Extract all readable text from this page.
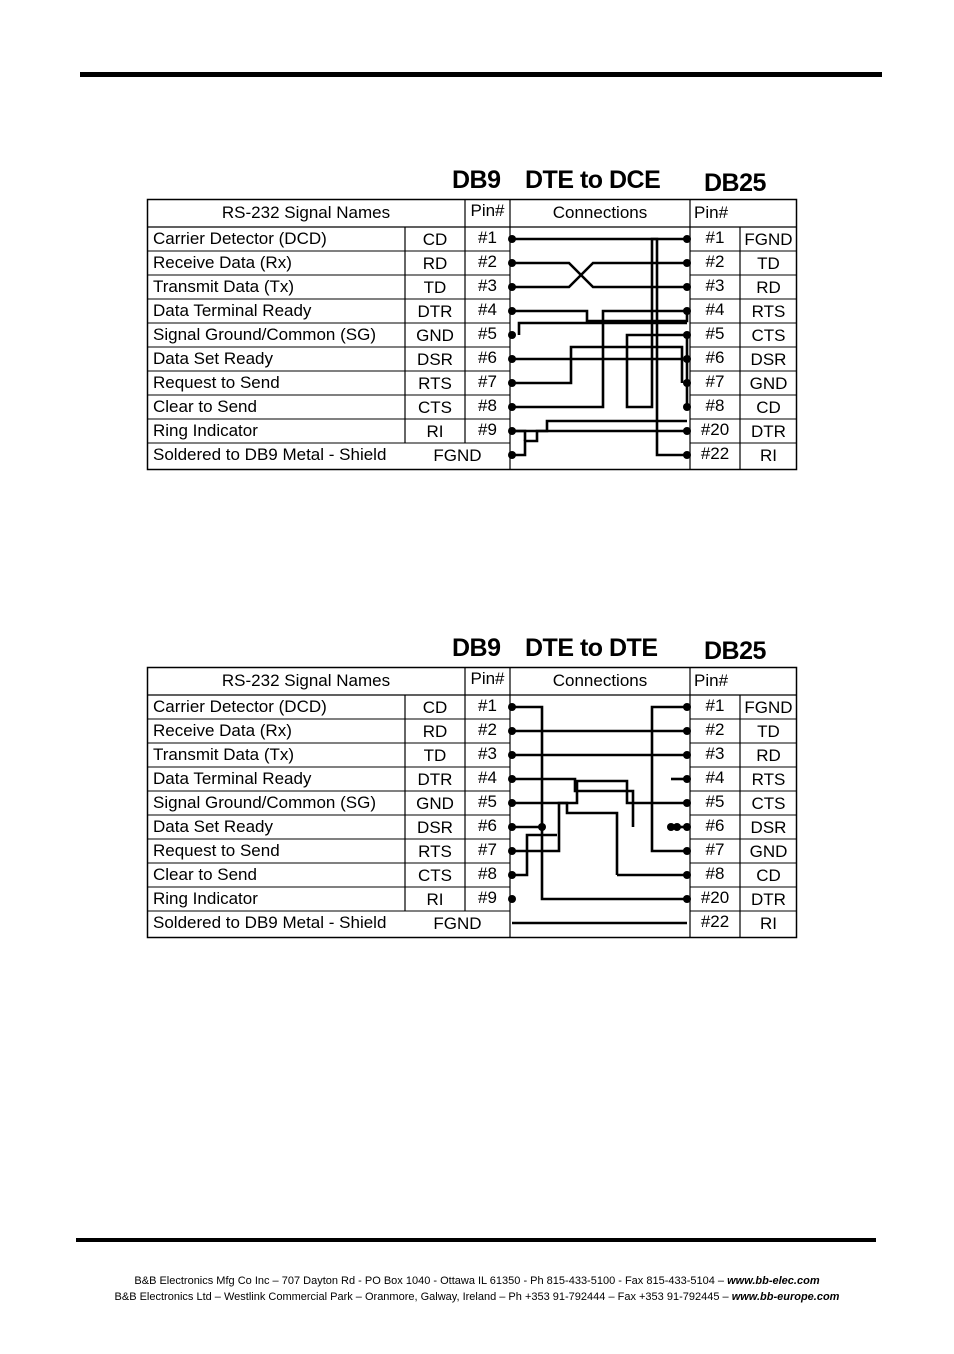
DB9 DTE to DCE DB25
RS-232 Signal Names	Pin#	Connections	Pin#
Carrier Detector (DCD)	CD	#1	#1	FGND
Receive Data (Rx)	RD	#2	#2	TD
Transmit Data (Tx)	TD	#3	#3	RD
Data Terminal Ready	DTR	#4	#4	RTS
Signal Ground/Common (SG)	GND	#5	#5	CTS
Data Set Ready	DSR	#6	#6	DSR
Request to Send	RTS	#7	#7	GND
Clear to Send	CTS	#8	#8	CD
Ring Indicator	RI	#9	#20	DTR
Soldered to DB9 Metal - Shield	FGND	#22	RI
DB9 DTE to DTE DB25
RS-232 Signal Names	Pin#	Connections	Pin#
Carrier Detector (DCD)	CD	#1	#1	FGND
Receive Data (Rx)	RD	#2	#2	TD
Transmit Data (Tx)	TD	#3	#3	RD
Data Terminal Ready	DTR	#4	#4	RTS
Signal Ground/Common (SG)	GND	#5	#5	CTS
Data Set Ready	DSR	#6	#6	DSR
Request to Send	RTS	#7	#7	GND
Clear to Send	CTS	#8	#8	CD
Ring Indicator	RI	#9	#20	DTR
Soldered to DB9 Metal - Shield	FGND	#22	RI
B&B Electronics Mfg Co Inc – 707 Dayton Rd - PO Box 1040 - Ottawa IL 61350 - Ph 815-433-5100 - Fax 815-433-5104 – www.bb-elec.com
B&B Electronics Ltd – Westlink Commercial Park – Oranmore, Galway, Ireland – Ph +353 91-792444 – Fax +353 91-792445 – www.bb-europe.com
